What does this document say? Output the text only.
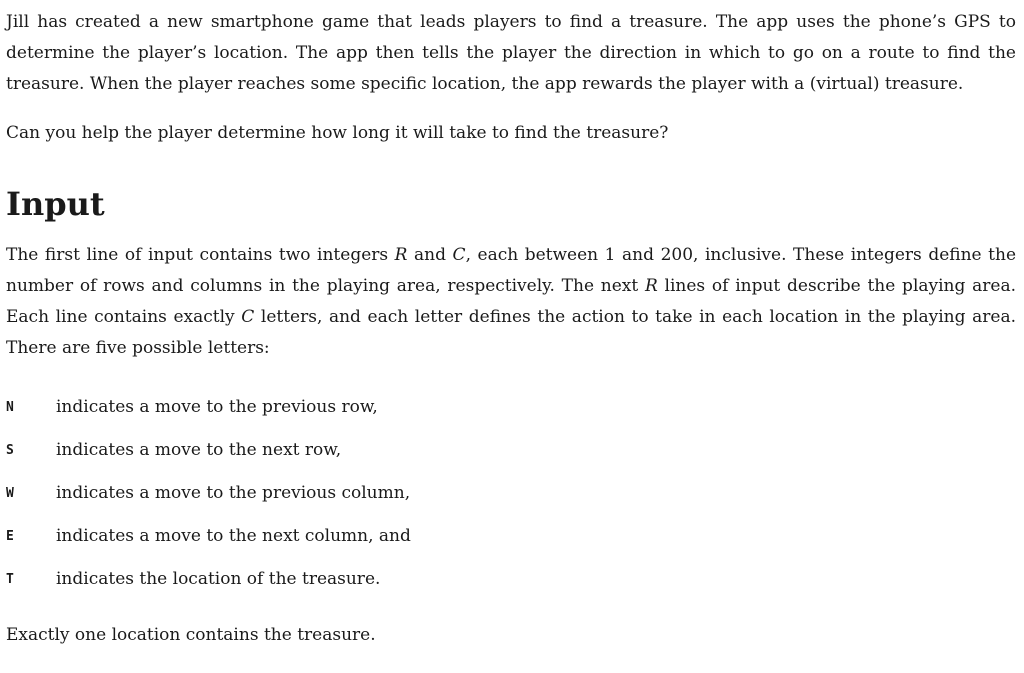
Jill has created a new smartphone game that leads players to find a treasure. The app uses the phone’s GPS to determine the player’s location. The app then tells the player the direction in which to go on a route to find the treasure. When the player reaches some specific location, the app rewards the player with a (virtual) treasure.

Can you help the player determine how long it will take to find the treasure?

Input

The first line of input contains two integers R and C, each between 1 and 200, inclusive. These integers define the number of rows and columns in the playing area, respectively. The next R lines of input describe the playing area. Each line contains exactly C letters, and each letter defines the action to take in each location in the playing area. There are five possible letters:

N	indicates a move to the previous row,
S	indicates a move to the next row,
W	indicates a move to the previous column,
E	indicates a move to the next column, and
T	indicates the location of the treasure.

Exactly one location contains the treasure.
